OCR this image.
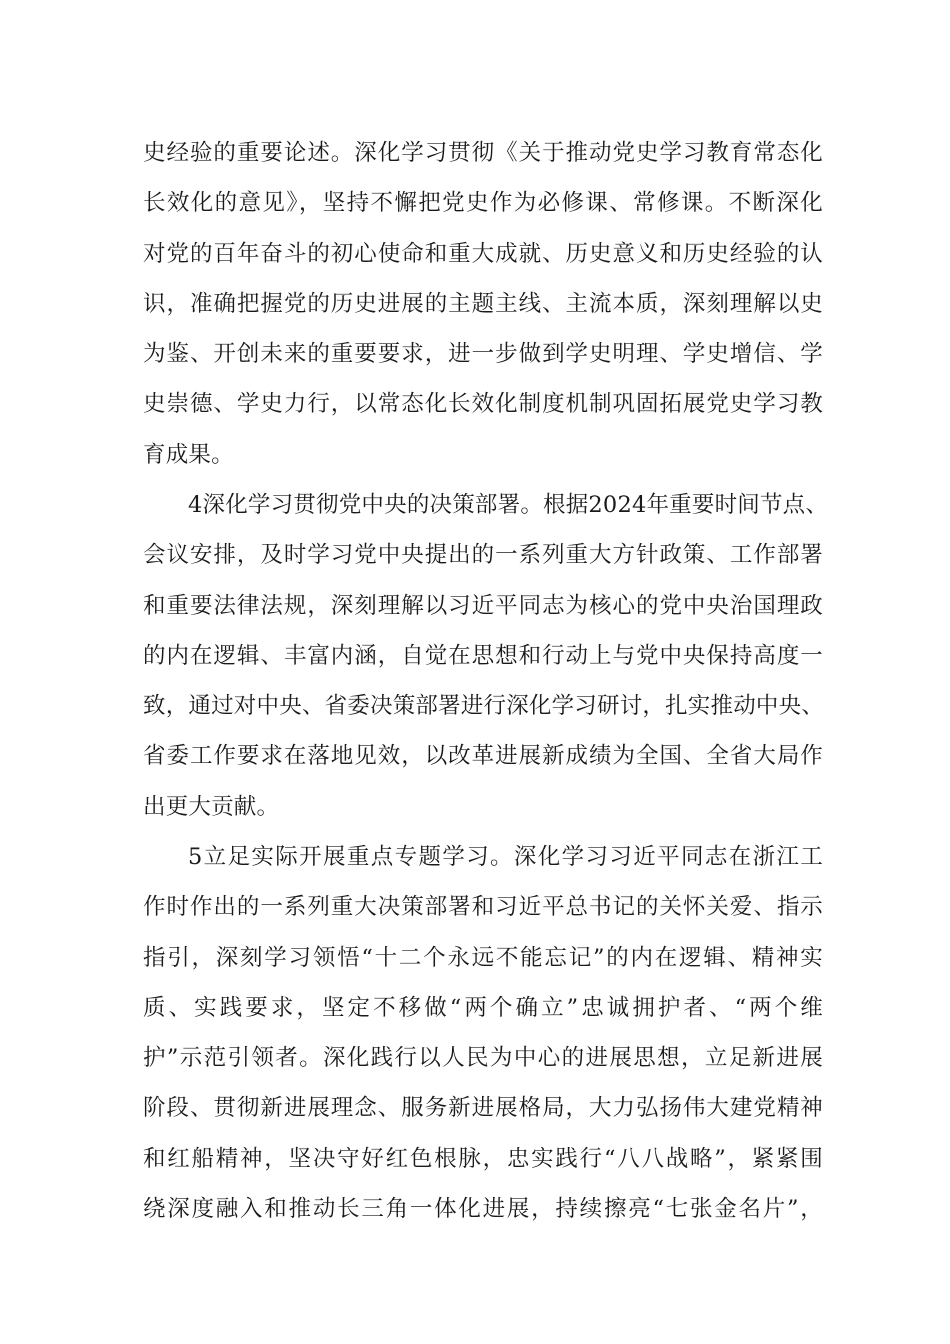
史经验的重要论述。深化学习贯彻《关于推动党史学习教育常态化
长效化的意见》，坚持不懈把党史作为必修课、常修课。不断深化
对党的百年奋斗的初心使命和重大成就、历史意义和历史经验的认
识，准确把握党的历史进展的主题主线、主流本质，深刻理解以史
为鉴、开创未来的重要要求，进一步做到学史明理、学史增信、学
史崇德、学史力行，以常态化长效化制度机制巩固拓展党史学习教
育成果。
4深化学习贯彻党中央的决策部署。根据2024年重要时间节点、
会议安排，及时学习党中央提出的一系列重大方针政策、工作部署
和重要法律法规，深刻理解以习近平同志为核心的党中央治国理政
的内在逻辑、丰富内涵，自觉在思想和行动上与党中央保持高度一
致，通过对中央、省委决策部署进行深化学习研讨，扎实推动中央、
省委工作要求在落地见效，以改革进展新成绩为全国、全省大局作
出更大贡献。
5立足实际开展重点专题学习。深化学习习近平同志在浙江工
作时作出的一系列重大决策部署和习近平总书记的关怀关爱、指示
指引，深刻学习领悟“十二个永远不能忘记”的内在逻辑、精神实
质、实践要求，坚定不移做“两个确立”忠诚拥护者、“两个维
护”示范引领者。深化践行以人民为中心的进展思想，立足新进展
阶段、贯彻新进展理念、服务新进展格局，大力弘扬伟大建党精神
和红船精神，坚决守好红色根脉，忠实践行“八八战略”，紧紧围
绕深度融入和推动长三角一体化进展，持续擦亮“七张金名片”，
